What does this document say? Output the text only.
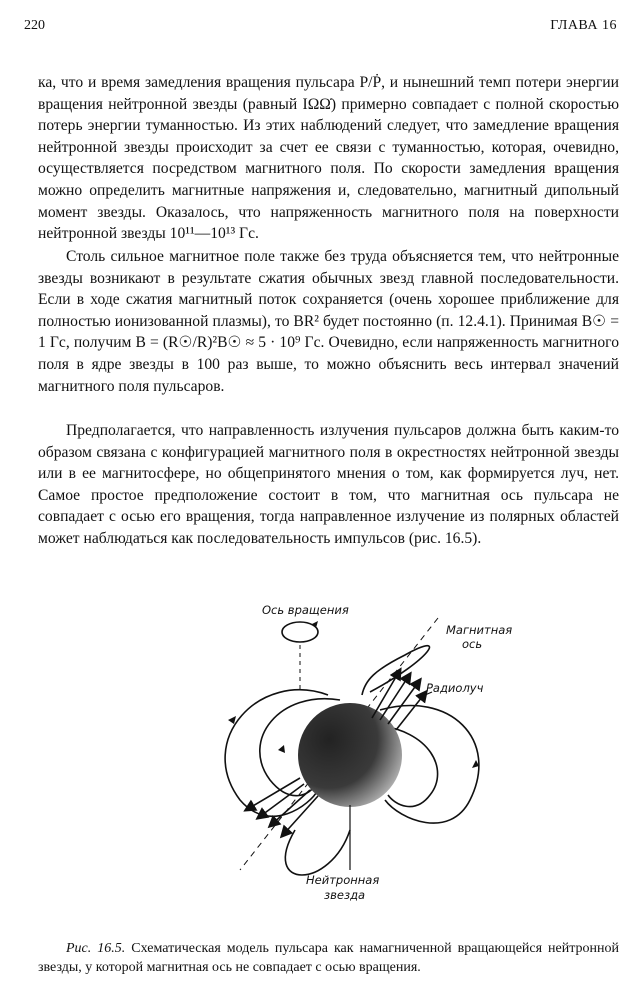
220	ГЛАВА 16

ка, что и время замедления вращения пульсара P/Ṗ, и нынешний темп потери энергии вращения нейтронной звезды (равный IΩΩ̇) примерно совпадает с полной скоростью потерь энергии туманностью. Из этих наблюдений следует, что замедление вращения нейтронной звезды происходит за счет ее связи с туманностью, которая, очевидно, осуществляется посредством магнитного поля. По скорости замедления вращения можно определить магнитные напряжения и, следовательно, магнитный дипольный момент звезды. Оказалось, что напряженность магнитного поля на поверхности нейтронной звезды 10¹¹—10¹³ Гс.

Столь сильное магнитное поле также без труда объясняется тем, что нейтронные звезды возникают в результате сжатия обычных звезд главной последовательности. Если в ходе сжатия магнитный поток сохраняется (очень хорошее приближение для полностью ионизованной плазмы), то BR² будет постоянно (п. 12.4.1). Принимая B☉ = 1 Гс, получим B = (R☉/R)²B☉ ≈ 5 · 10⁹ Гс. Очевидно, если напряженность магнитного поля в ядре звезды в 100 раз выше, то можно объяснить весь интервал значений магнитного поля пульсаров.

Предполагается, что направленность излучения пульсаров должна быть каким-то образом связана с конфигурацией магнитного поля в окрестностях нейтронной звезды или в ее магнитосфере, но общепринятого мнения о том, как формируется луч, нет. Самое простое предположение состоит в том, что магнитная ось пульсара не совпадает с осью его вращения, тогда направленное излучение из полярных областей может наблюдаться как последовательность импульсов (рис. 16.5).

Ось вращения
Магнитная
ось
Радиолуч
Нейтронная
звезда
Рис. 16.5. Схематическая модель пульсара как намагниченной вращающейся нейтронной звезды, у которой магнитная ось не совпадает с осью вращения.
